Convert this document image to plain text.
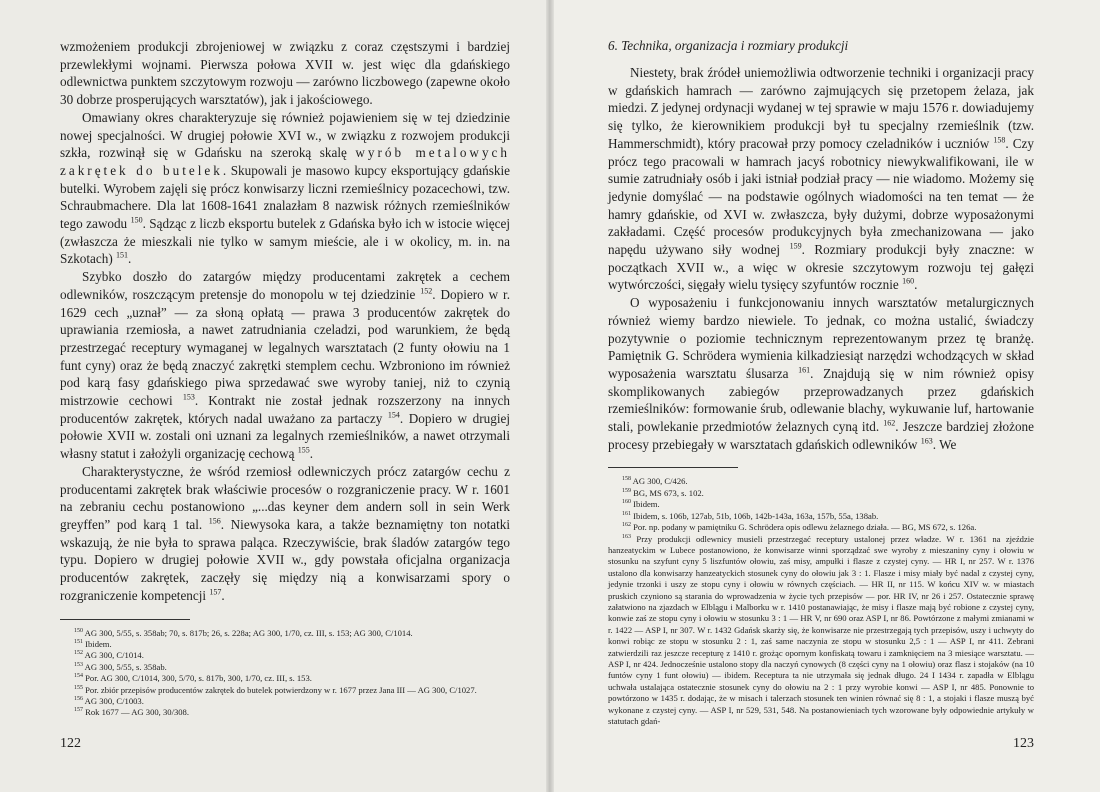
wzmożeniem produkcji zbrojeniowej w związku z coraz częstszymi i bardziej przewlekłymi wojnami. Pierwsza połowa XVII w. jest więc dla gdańskiego odlewnictwa punktem szczytowym rozwoju — zarówno liczbowego (zapewne około 30 dobrze prosperujących warsztatów), jak i jakościowego.

Omawiany okres charakteryzuje się również pojawieniem się w tej dziedzinie nowej specjalności. W drugiej połowie XVI w., w związku z rozwojem produkcji szkła, rozwinął się w Gdańsku na szeroką skalę wyrób metalowych zakrętek do butelek. Skupowali je masowo kupcy eksportujący gdańskie butelki. Wyrobem zajęli się prócz konwisarzy liczni rzemieślnicy pozacechowi, tzw. Schraubmachere. Dla lat 1608-1641 znalazłam 8 nazwisk różnych rzemieślników tego zawodu $^{150}$. Sądząc z liczb eksportu butelek z Gdańska było ich w istocie więcej (zwłaszcza że mieszkali nie tylko w samym mieście, ale i w okolicy, m. in. na Szkotach) $^{151}$.

Szybko doszło do zatargów między producentami zakrętek a cechem odlewników, roszczącym pretensje do monopolu w tej dziedzinie $^{152}$. Dopiero w r. 1629 cech „uznał” — za słoną opłatą — prawa 3 producentów zakrętek do uprawiania rzemiosła, a nawet zatrudniania czeladzi, pod warunkiem, że będą przestrzegać receptury wymaganej w legalnych warsztatach (2 funty ołowiu na 1 funt cyny) oraz że będą znaczyć zakrętki stemplem cechu. Wzbroniono im również pod karą fasy gdańskiego piwa sprzedawać swe wyroby taniej, niż to czynią mistrzowie cechowi $^{153}$. Kontrakt nie został jednak rozszerzony na innych producentów zakrętek, których nadal uważano za partaczy $^{154}$. Dopiero w drugiej połowie XVII w. zostali oni uznani za legalnych rzemieślników, a nawet otrzymali własny statut i założyli organizację cechową $^{155}$.

Charakterystyczne, że wśród rzemiosł odlewniczych prócz zatargów cechu z producentami zakrętek brak właściwie procesów o rozgraniczenie pracy. W r. 1601 na zebraniu cechu postanowiono „...das keyner dem andern soll in sein Werk greyffen” pod karą 1 tal. $^{156}$. Niewysoka kara, a także beznamiętny ton notatki wskazują, że nie była to sprawa paląca. Rzeczywiście, brak śladów zatargów tego typu. Dopiero w drugiej połowie XVII w., gdy powstała oficjalna organizacja producentów zakrętek, zaczęły się między nią a konwisarzami spory o rozgraniczenie kompetencji $^{157}$.

$^{150}$ AG 300, 5/55, s. 358ab; 70, s. 817b; 26, s. 228a; AG 300, 1/70, cz. III, s. 153; AG 300, C/1014.

$^{151}$ Ibidem.

$^{152}$ AG 300, C/1014.

$^{153}$ AG 300, 5/55, s. 358ab.

$^{154}$ Por. AG 300, C/1014, 300, 5/70, s. 817b, 300, 1/70, cz. III, s. 153.

$^{155}$ Por. zbiór przepisów producentów zakrętek do butelek potwierdzony w r. 1677 przez Jana III — AG 300, C/1027.

$^{156}$ AG 300, C/1003.

$^{157}$ Rok 1677 — AG 300, 30/308.

122
6. Technika, organizacja i rozmiary produkcji

Niestety, brak źródeł uniemożliwia odtworzenie techniki i organizacji pracy w gdańskich hamrach — zarówno zajmujących się przetopem żelaza, jak miedzi. Z jedynej ordynacji wydanej w tej sprawie w maju 1576 r. dowiadujemy się tylko, że kierownikiem produkcji był tu specjalny rzemieślnik (tzw. Hammerschmidt), który pracował przy pomocy czeladników i uczniów $^{158}$. Czy prócz tego pracowali w hamrach jacyś robotnicy niewykwalifikowani, ile w sumie zatrudniały osób i jaki istniał podział pracy — nie wiadomo. Możemy się jedynie domyślać — na podstawie ogólnych wiadomości na ten temat — że hamry gdańskie, od XVI w. zwłaszcza, były dużymi, dobrze wyposażonymi zakładami. Część procesów produkcyjnych była zmechanizowana — jako napędu używano siły wodnej $^{159}$. Rozmiary produkcji były znaczne: w początkach XVII w., a więc w okresie szczytowym rozwoju tej gałęzi wytwórczości, sięgały wielu tysięcy szyfuntów rocznie $^{160}$.

O wyposażeniu i funkcjonowaniu innych warsztatów metalurgicznych również wiemy bardzo niewiele. To jednak, co można ustalić, świadczy pozytywnie o poziomie technicznym reprezentowanym przez tę branżę. Pamiętnik G. Schrödera wymienia kilkadziesiąt narzędzi wchodzących w skład wyposażenia warsztatu ślusarza $^{161}$. Znajdują się w nim również opisy skomplikowanych zabiegów przeprowadzanych przez gdańskich rzemieślników: formowanie śrub, odlewanie blachy, wykuwanie luf, hartowanie stali, powlekanie przedmiotów żelaznych cyną itd. $^{162}$. Jeszcze bardziej złożone procesy przebiegały w warsztatach gdańskich odlewników $^{163}$. We

$^{158}$ AG 300, C/426.

$^{159}$ BG, MS 673, s. 102.

$^{160}$ Ibidem.

$^{161}$ Ibidem, s. 106b, 127ab, 51b, 106b, 142b-143a, 163a, 157b, 55a, 138ab.

$^{162}$ Por. np. podany w pamiętniku G. Schrödera opis odlewu żelaznego działa. — BG, MS 672, s. 126a.

$^{163}$ Przy produkcji odlewnicy musieli przestrzegać receptury ustalonej przez władze. W r. 1361 na zjeździe hanzeatyckim w Lubece postanowiono, że konwisarze winni sporządzać swe wyroby z mieszaniny cyny i ołowiu w stosunku na szyfunt cyny 5 liszfuntów ołowiu, zaś misy, ampułki i flasze z czystej cyny. — HR I, nr 257. W r. 1376 ustalono dla konwisarzy hanzeatyckich stosunek cyny do ołowiu jak 3 : 1. Flasze i misy miały być nadal z czystej cyny, jedynie trzonki i uszy ze stopu cyny i ołowiu w równych częściach. — HR II, nr 115. W końcu XIV w. w miastach pruskich czyniono są starania do wprowadzenia w życie tych przepisów — por. HR IV, nr 26 i 257. Ostatecznie sprawę załatwiono na zjazdach w Elblągu i Malborku w r. 1410 postanawiając, że misy i flasze mają być robione z czystej cyny, konwie zaś ze stopu cyny i ołowiu w stosunku 3 : 1 — HR V, nr 690 oraz ASP I, nr 86. Powtórzone z małymi zmianami w r. 1422 — ASP I, nr 307. W r. 1432 Gdańsk skarży się, że konwisarze nie przestrzegają tych przepisów, uszy i uchwyty do konwi robiąc ze stopu w stosunku 2 : 1, zaś same naczynia ze stopu w stosunku 2,5 : 1 — ASP I, nr 411. Zebrani zatwierdzili raz jeszcze recepturę z 1410 r. grożąc opornym konfiskatą towaru i zamknięciem na 3 miesiące warsztatu. — ASP I, nr 424. Jednocześnie ustalono stopy dla naczyń cynowych (8 części cyny na 1 ołowiu) oraz flasz i stojaków (na 10 funtów cyny 1 funt ołowiu) — ibidem. Receptura ta nie utrzymała się jednak długo. 24 I 1434 r. zapadła w Elblągu uchwała ustalająca ostatecznie stosunek cyny do ołowiu na 2 : 1 przy wyrobie konwi — ASP I, nr 485. Ponownie to powtórzono w 1435 r. dodając, że w misach i talerzach stosunek ten winien równać się 8 : 1, a stojaki i flasze muszą być wykonane z czystej cyny. — ASP I, nr 529, 531, 548. Na postanowieniach tych wzorowane były odpowiednie artykuły w statutach gdań-

123
